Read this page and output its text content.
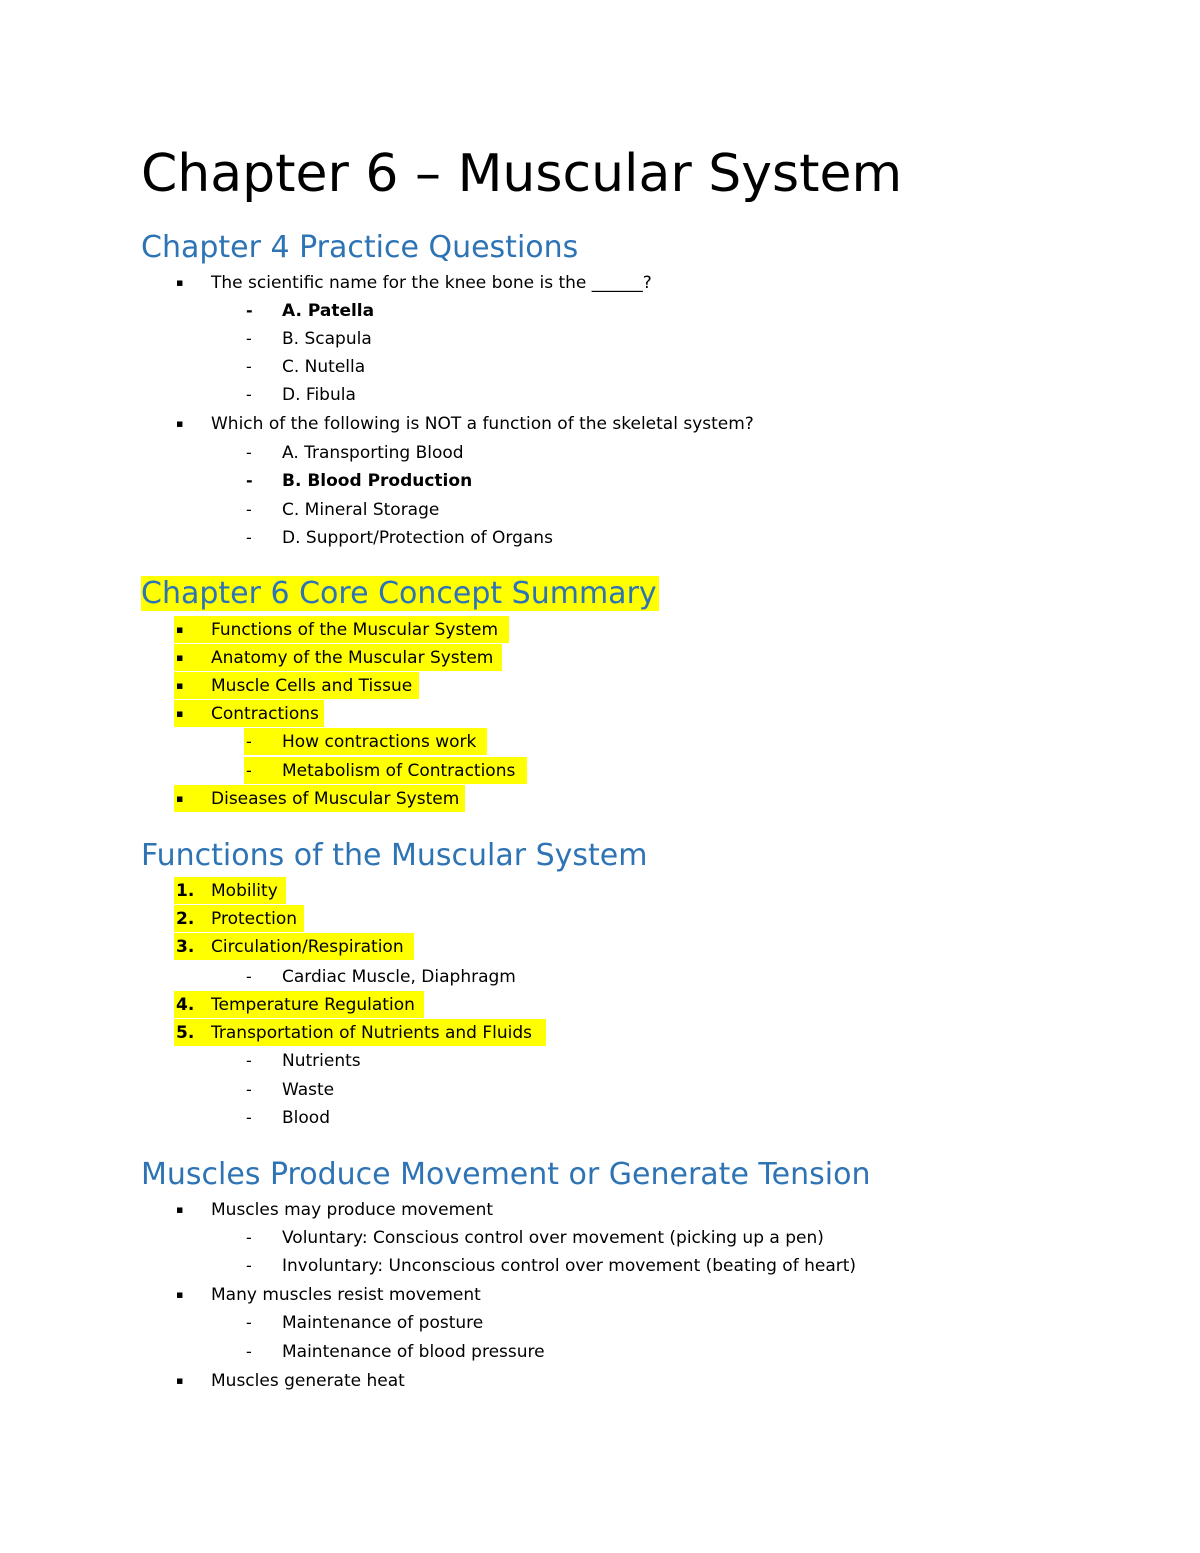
Chapter 6 – Muscular System
Chapter 4 Practice Questions
▪	The scientific name for the knee bone is the ______?
-	A. Patella
-	B. Scapula
-	C. Nutella
-	D. Fibula
▪	Which of the following is NOT a function of the skeletal system?
-	A. Transporting Blood
-	B. Blood Production
-	C. Mineral Storage
-	D. Support/Protection of Organs
Chapter 6 Core Concept Summary
▪	Functions of the Muscular System
▪	Anatomy of the Muscular System
▪	Muscle Cells and Tissue
▪	Contractions
-	How contractions work
-	Metabolism of Contractions
▪	Diseases of Muscular System
Functions of the Muscular System
1. Mobility
2. Protection
3. Circulation/Respiration
-	Cardiac Muscle, Diaphragm
4. Temperature Regulation
5. Transportation of Nutrients and Fluids
-	Nutrients
-	Waste
-	Blood
Muscles Produce Movement or Generate Tension
▪	Muscles may produce movement
-	Voluntary: Conscious control over movement (picking up a pen)
-	Involuntary: Unconscious control over movement (beating of heart)
▪	Many muscles resist movement
-	Maintenance of posture
-	Maintenance of blood pressure
▪	Muscles generate heat
